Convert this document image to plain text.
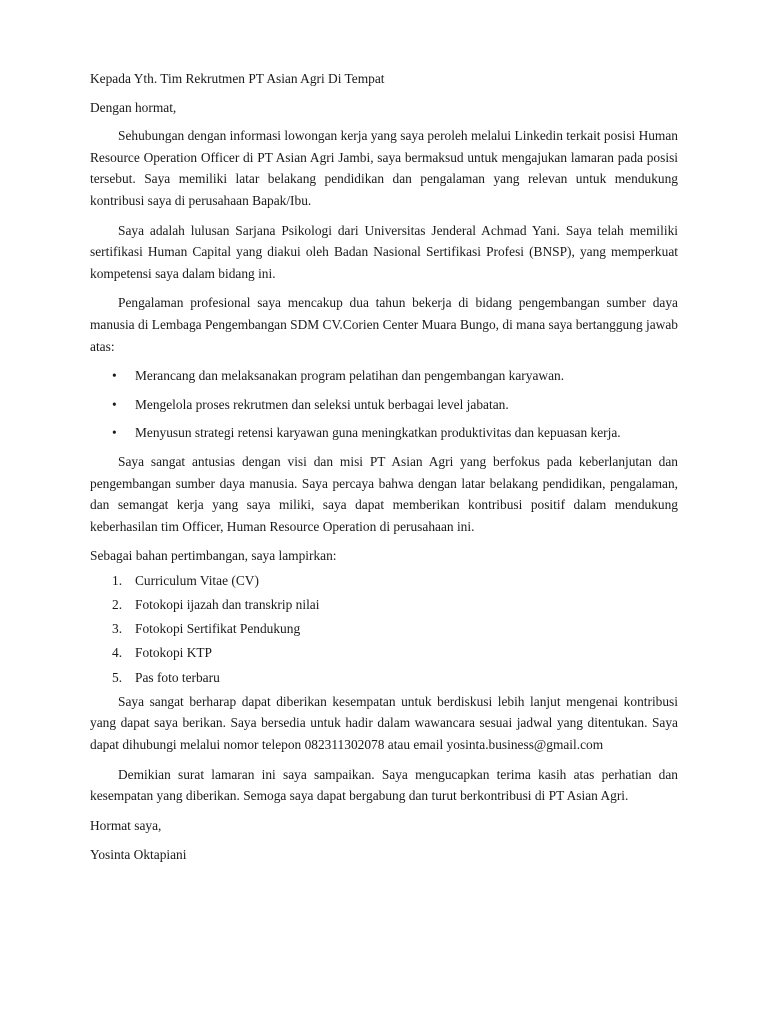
Kepada Yth. Tim Rekrutmen PT Asian Agri Di Tempat

Dengan hormat,

Sehubungan dengan informasi lowongan kerja yang saya peroleh melalui Linkedin terkait posisi Human Resource Operation Officer di PT Asian Agri Jambi, saya bermaksud untuk mengajukan lamaran pada posisi tersebut. Saya memiliki latar belakang pendidikan dan pengalaman yang relevan untuk mendukung kontribusi saya di perusahaan Bapak/Ibu.

Saya adalah lulusan Sarjana Psikologi dari Universitas Jenderal Achmad Yani. Saya telah memiliki sertifikasi Human Capital yang diakui oleh Badan Nasional Sertifikasi Profesi (BNSP), yang memperkuat kompetensi saya dalam bidang ini.

Pengalaman profesional saya mencakup dua tahun bekerja di bidang pengembangan sumber daya manusia di Lembaga Pengembangan SDM CV.Corien Center Muara Bungo, di mana saya bertanggung jawab atas:

• Merancang dan melaksanakan program pelatihan dan pengembangan karyawan.
• Mengelola proses rekrutmen dan seleksi untuk berbagai level jabatan.
• Menyusun strategi retensi karyawan guna meningkatkan produktivitas dan kepuasan kerja.

Saya sangat antusias dengan visi dan misi PT Asian Agri yang berfokus pada keberlanjutan dan pengembangan sumber daya manusia. Saya percaya bahwa dengan latar belakang pendidikan, pengalaman, dan semangat kerja yang saya miliki, saya dapat memberikan kontribusi positif dalam mendukung keberhasilan tim Officer, Human Resource Operation di perusahaan ini.

Sebagai bahan pertimbangan, saya lampirkan:

1. Curriculum Vitae (CV)
2. Fotokopi ijazah dan transkrip nilai
3. Fotokopi Sertifikat Pendukung
4. Fotokopi KTP
5. Pas foto terbaru

Saya sangat berharap dapat diberikan kesempatan untuk berdiskusi lebih lanjut mengenai kontribusi yang dapat saya berikan. Saya bersedia untuk hadir dalam wawancara sesuai jadwal yang ditentukan. Saya dapat dihubungi melalui nomor telepon 082311302078 atau email yosinta.business@gmail.com

Demikian surat lamaran ini saya sampaikan. Saya mengucapkan terima kasih atas perhatian dan kesempatan yang diberikan. Semoga saya dapat bergabung dan turut berkontribusi di PT Asian Agri.

Hormat saya,

Yosinta Oktapiani
